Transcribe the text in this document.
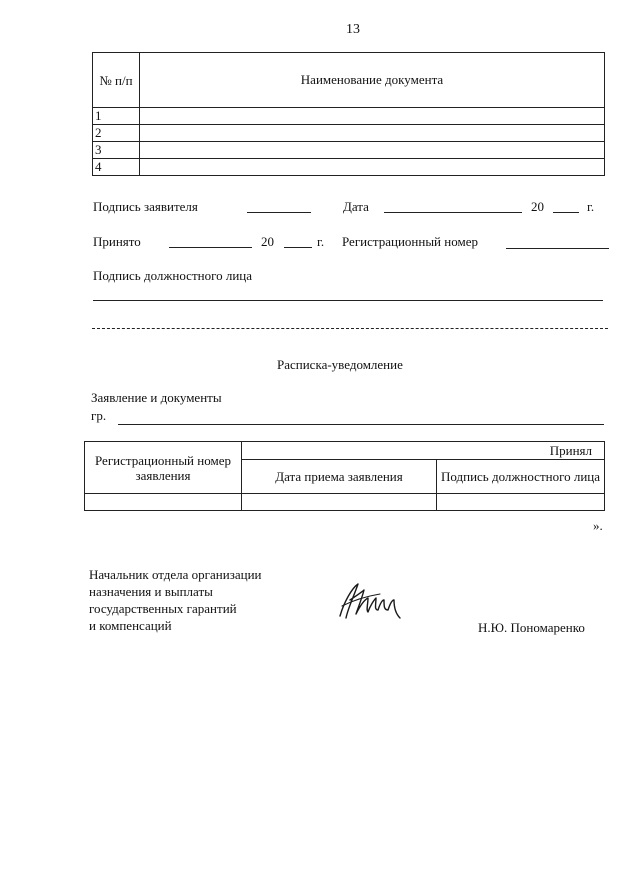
13
№ п/п	Наименование документа
1	
2	
3	
4	
Подпись заявителя	Дата	20	г.
Принято	20	г. Регистрационный номер
Подпись должностного лица
Расписка-уведомление
Заявление и документы
гр.
Регистрационный номер заявления	Принял	
	Дата приема заявления	Подпись должностного лица

».
Начальник отдела организации
назначения и выплаты
государственных гарантий
и компенсаций	Н.Ю. Пономаренко
